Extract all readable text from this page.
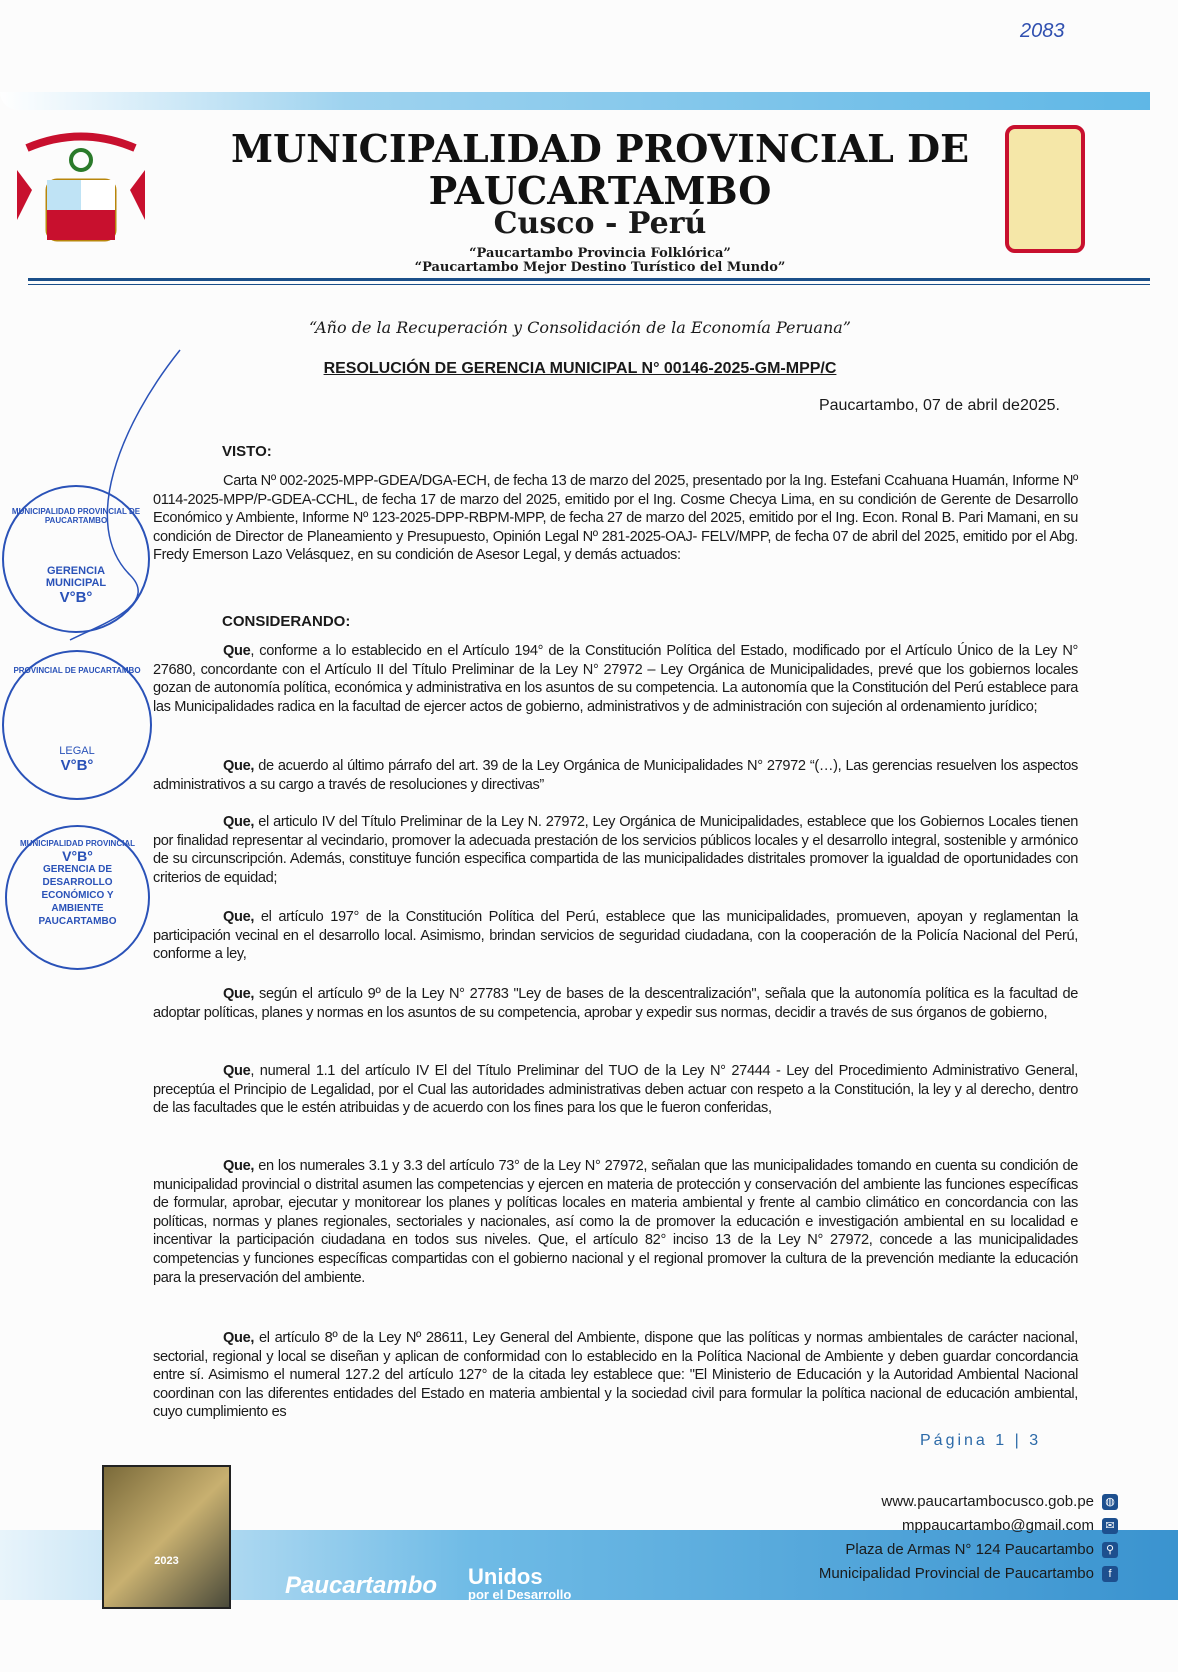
2083
MUNICIPALIDAD PROVINCIAL DE
PAUCARTAMBO
Cusco - Perú
“Paucartambo Provincia Folklórica”
“Paucartambo Mejor Destino Turístico del Mundo”
“Año de la Recuperación y Consolidación de la Economía Peruana”
RESOLUCIÓN DE GERENCIA MUNICIPAL N° 00146-2025-GM-MPP/C
Paucartambo, 07 de abril de2025.
VISTO:
Carta Nº 002-2025-MPP-GDEA/DGA-ECH, de fecha 13 de marzo del 2025, presentado por la Ing. Estefani Ccahuana Huamán, Informe Nº 0114-2025-MPP/P-GDEA-CCHL, de fecha 17 de marzo del 2025, emitido por el Ing. Cosme Checya Lima, en su condición de Gerente de Desarrollo Económico y Ambiente, Informe Nº 123-2025-DPP-RBPM-MPP, de fecha 27 de marzo del 2025, emitido por el Ing. Econ. Ronal B. Pari Mamani, en su condición de Director de Planeamiento y Presupuesto, Opinión Legal Nº 281-2025-OAJ- FELV/MPP, de fecha 07 de abril del 2025, emitido por el Abg. Fredy Emerson Lazo Velásquez, en su condición de Asesor Legal, y demás actuados:
CONSIDERANDO:
Que, conforme a lo establecido en el Artículo 194° de la Constitución Política del Estado, modificado por el Artículo Único de la Ley N° 27680, concordante con el Artículo II del Título Preliminar de la Ley N° 27972 – Ley Orgánica de Municipalidades, prevé que los gobiernos locales gozan de autonomía política, económica y administrativa en los asuntos de su competencia. La autonomía que la Constitución del Perú establece para las Municipalidades radica en la facultad de ejercer actos de gobierno, administrativos y de administración con sujeción al ordenamiento jurídico;
Que, de acuerdo al último párrafo del art. 39 de la Ley Orgánica de Municipalidades N° 27972 “(…), Las gerencias resuelven los aspectos administrativos a su cargo a través de resoluciones y directivas”
Que, el articulo IV del Título Preliminar de la Ley N. 27972, Ley Orgánica de Municipalidades, establece que los Gobiernos Locales tienen por finalidad representar al vecindario, promover la adecuada prestación de los servicios públicos locales y el desarrollo integral, sostenible y armónico de su circunscripción. Además, constituye función especifica compartida de las municipalidades distritales promover la igualdad de oportunidades con criterios de equidad;
Que, el artículo 197° de la Constitución Política del Perú, establece que las municipalidades, promueven, apoyan y reglamentan la participación vecinal en el desarrollo local. Asimismo, brindan servicios de seguridad ciudadana, con la cooperación de la Policía Nacional del Perú, conforme a ley,
Que, según el artículo 9º de la Ley N° 27783 "Ley de bases de la descentralización", señala que la autonomía política es la facultad de adoptar políticas, planes y normas en los asuntos de su competencia, aprobar y expedir sus normas, decidir a través de sus órganos de gobierno,
Que, numeral 1.1 del artículo IV El del Título Preliminar del TUO de la Ley N° 27444 - Ley del Procedimiento Administrativo General, preceptúa el Principio de Legalidad, por el Cual las autoridades administrativas deben actuar con respeto a la Constitución, la ley y al derecho, dentro de las facultades que le estén atribuidas y de acuerdo con los fines para los que le fueron conferidas,
Que, en los numerales 3.1 y 3.3 del artículo 73° de la Ley N° 27972, señalan que las municipalidades tomando en cuenta su condición de municipalidad provincial o distrital asumen las competencias y ejercen en materia de protección y conservación del ambiente las funciones específicas de formular, aprobar, ejecutar y monitorear los planes y políticas locales en materia ambiental y frente al cambio climático en concordancia con las políticas, normas y planes regionales, sectoriales y nacionales, así como la de promover la educación e investigación ambiental en su localidad e incentivar la participación ciudadana en todos sus niveles. Que, el artículo 82° inciso 13 de la Ley N° 27972, concede a las municipalidades competencias y funciones específicas compartidas con el gobierno nacional y el regional promover la cultura de la prevención mediante la educación para la preservación del ambiente.
Que, el artículo 8º de la Ley Nº 28611, Ley General del Ambiente, dispone que las políticas y normas ambientales de carácter nacional, sectorial, regional y local se diseñan y aplican de conformidad con lo establecido en la Política Nacional de Ambiente y deben guardar concordancia entre sí. Asimismo el numeral 127.2 del artículo 127° de la citada ley establece que: "El Ministerio de Educación y la Autoridad Ambiental Nacional coordinan con las diferentes entidades del Estado en materia ambiental y la sociedad civil para formular la política nacional de educación ambiental, cuyo cumplimiento es
Página 1 | 3
MUNICIPALIDAD PROVINCIAL DE PAUCARTAMBO
GERENCIA
MUNICIPAL
V°B°
PROVINCIAL DE PAUCARTAMBO
LEGAL
V°B°
MUNICIPALIDAD PROVINCIAL
V°B°
GERENCIA DE
DESARROLLO
ECONÓMICO Y
AMBIENTE
PAUCARTAMBO
2023
Paucartambo Unidos
por el Desarrollo
www.paucartambocusco.gob.pe ◍
mppaucartambo@gmail.com ✉
Plaza de Armas N° 124 Paucartambo ⚲
Municipalidad Provincial de Paucartambo f
